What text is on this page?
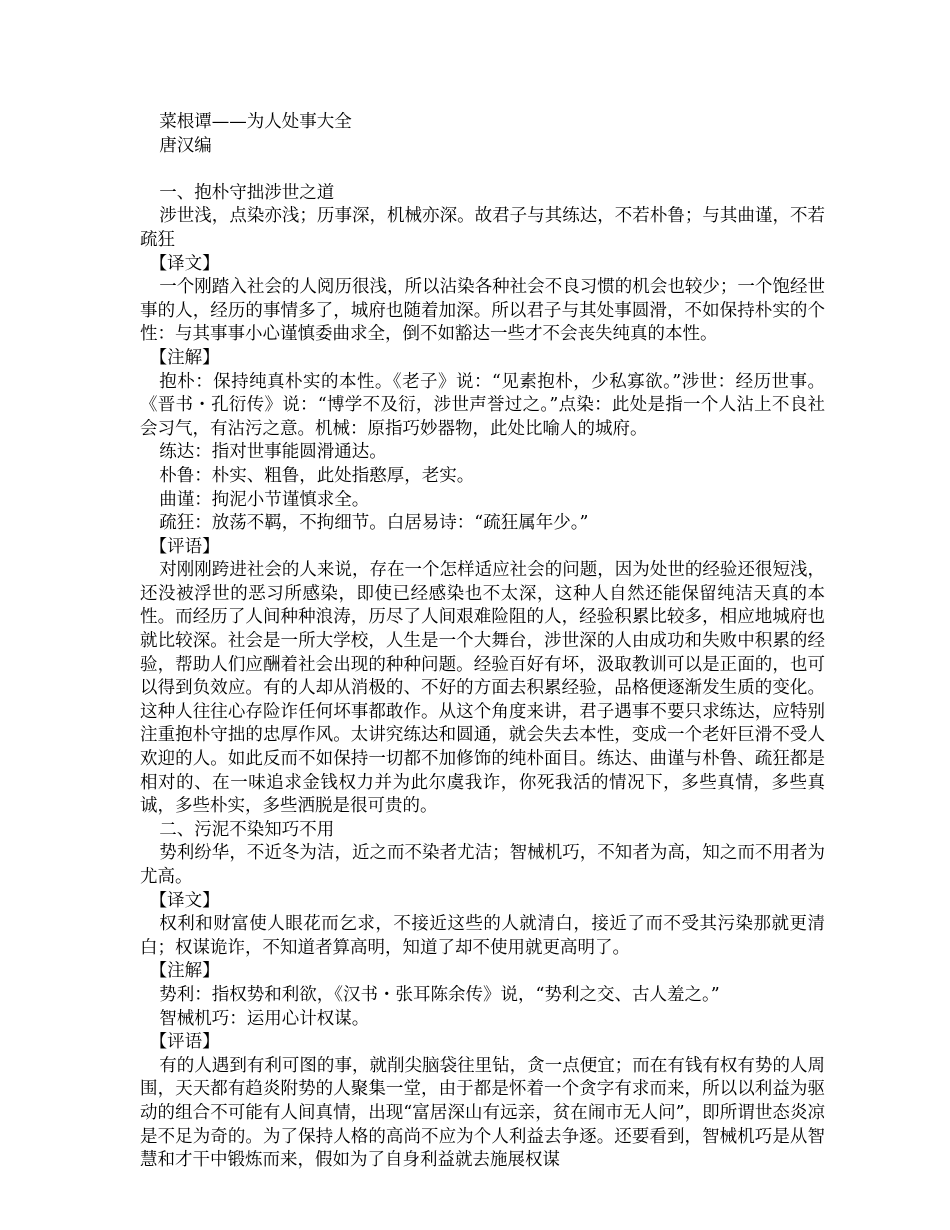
菜根谭——为人处事大全
唐汉编
一、抱朴守拙涉世之道
涉世浅，点染亦浅；历事深，机械亦深。故君子与其练达，不若朴鲁；与其曲谨，不若疏狂
【译文】
一个刚踏入社会的人阅历很浅，所以沾染各种社会不良习惯的机会也较少；一个饱经世事的人，经历的事情多了，城府也随着加深。所以君子与其处事圆滑，不如保持朴实的个性：与其事事小心谨慎委曲求全，倒不如豁达一些才不会丧失纯真的本性。
【注解】
抱朴：保持纯真朴实的本性。《老子》说：“见素抱朴，少私寡欲。”涉世：经历世事。《晋书・孔衍传》说：“博学不及衍，涉世声誉过之。”点染：此处是指一个人沾上不良社会习气，有沾污之意。机械：原指巧妙器物，此处比喻人的城府。
练达：指对世事能圆滑通达。
朴鲁：朴实、粗鲁，此处指憨厚，老实。
曲谨：拘泥小节谨慎求全。
疏狂：放荡不羁，不拘细节。白居易诗：“疏狂属年少。”
【评语】
对刚刚跨进社会的人来说，存在一个怎样适应社会的问题，因为处世的经验还很短浅，还没被浮世的恶习所感染，即使已经感染也不太深，这种人自然还能保留纯洁天真的本性。而经历了人间种种浪涛，历尽了人间艰难险阻的人，经验积累比较多，相应地城府也就比较深。社会是一所大学校，人生是一个大舞台，涉世深的人由成功和失败中积累的经验，帮助人们应酬着社会出现的种种问题。经验百好有坏，汲取教训可以是正面的，也可以得到负效应。有的人却从消极的、不好的方面去积累经验，品格便逐渐发生质的变化。这种人往往心存险诈任何坏事都敢作。从这个角度来讲，君子遇事不要只求练达，应特别注重抱朴守拙的忠厚作风。太讲究练达和圆通，就会失去本性，变成一个老奸巨滑不受人欢迎的人。如此反而不如保持一切都不加修饰的纯朴面目。练达、曲谨与朴鲁、疏狂都是相对的、在一味追求金钱权力并为此尔虞我诈，你死我活的情况下，多些真情，多些真诚，多些朴实，多些洒脱是很可贵的。
二、污泥不染知巧不用
势利纷华，不近冬为洁，近之而不染者尤洁；智械机巧，不知者为高，知之而不用者为尤高。
【译文】
权利和财富使人眼花而乞求，不接近这些的人就清白，接近了而不受其污染那就更清白；权谋诡诈，不知道者算高明，知道了却不使用就更高明了。
【注解】
势利：指权势和利欲，《汉书・张耳陈余传》说，“势利之交、古人羞之。”
智械机巧：运用心计权谋。
【评语】
有的人遇到有利可图的事，就削尖脑袋往里钻，贪一点便宜；而在有钱有权有势的人周围，天天都有趋炎附势的人聚集一堂，由于都是怀着一个贪字有求而来，所以以利益为驱动的组合不可能有人间真情，出现“富居深山有远亲，贫在闹市无人问”，即所谓世态炎凉是不足为奇的。为了保持人格的高尚不应为个人利益去争逐。还要看到，智械机巧是从智慧和才干中锻炼而来，假如为了自身利益就去施展权谋
